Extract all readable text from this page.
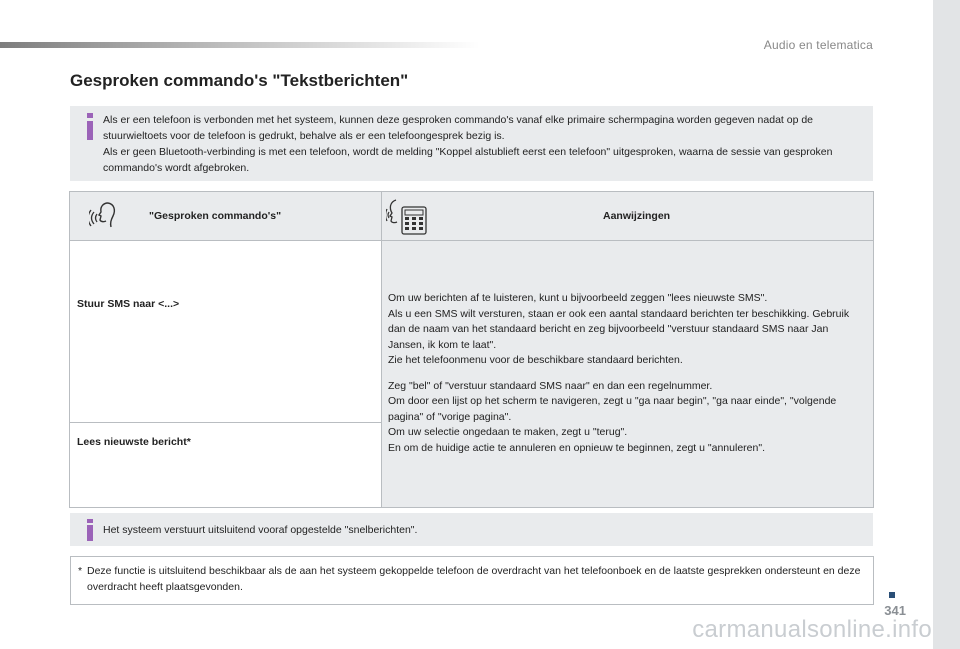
Audio en telematica
Gesproken commando's "Tekstberichten"

Als er een telefoon is verbonden met het systeem, kunnen deze gesproken commando's vanaf elke primaire schermpagina worden gegeven nadat op de stuurwieltoets voor de telefoon is gedrukt, behalve als er een telefoongesprek bezig is.

Als er geen Bluetooth-verbinding is met een telefoon, wordt de melding "Koppel alstublieft eerst een telefoon" uitgesproken, waarna de sessie van gesproken commando's wordt afgebroken.

"Gesproken commando's"	Aanwijzingen
Stuur SMS naar <...>
Lees nieuwste bericht*

Om uw berichten af te luisteren, kunt u bijvoorbeeld zeggen "lees nieuwste SMS".

Als u een SMS wilt versturen, staan er ook een aantal standaard berichten ter beschikking. Gebruik dan de naam van het standaard bericht en zeg bijvoorbeeld "verstuur standaard SMS naar Jan Jansen, ik kom te laat".

Zie het telefoonmenu voor de beschikbare standaard berichten.

Zeg "bel" of "verstuur standaard SMS naar" en dan een regelnummer.

Om door een lijst op het scherm te navigeren, zegt u "ga naar begin", "ga naar einde", "volgende pagina" of "vorige pagina".

Om uw selectie ongedaan te maken, zegt u "terug".

En om de huidige actie te annuleren en opnieuw te beginnen, zegt u "annuleren".

Het systeem verstuurt uitsluitend vooraf opgestelde "snelberichten".

* Deze functie is uitsluitend beschikbaar als de aan het systeem gekoppelde telefoon de overdracht van het telefoonboek en de laatste gesprekken ondersteunt en deze overdracht heeft plaatsgevonden.
341
carmanualsonline.info
